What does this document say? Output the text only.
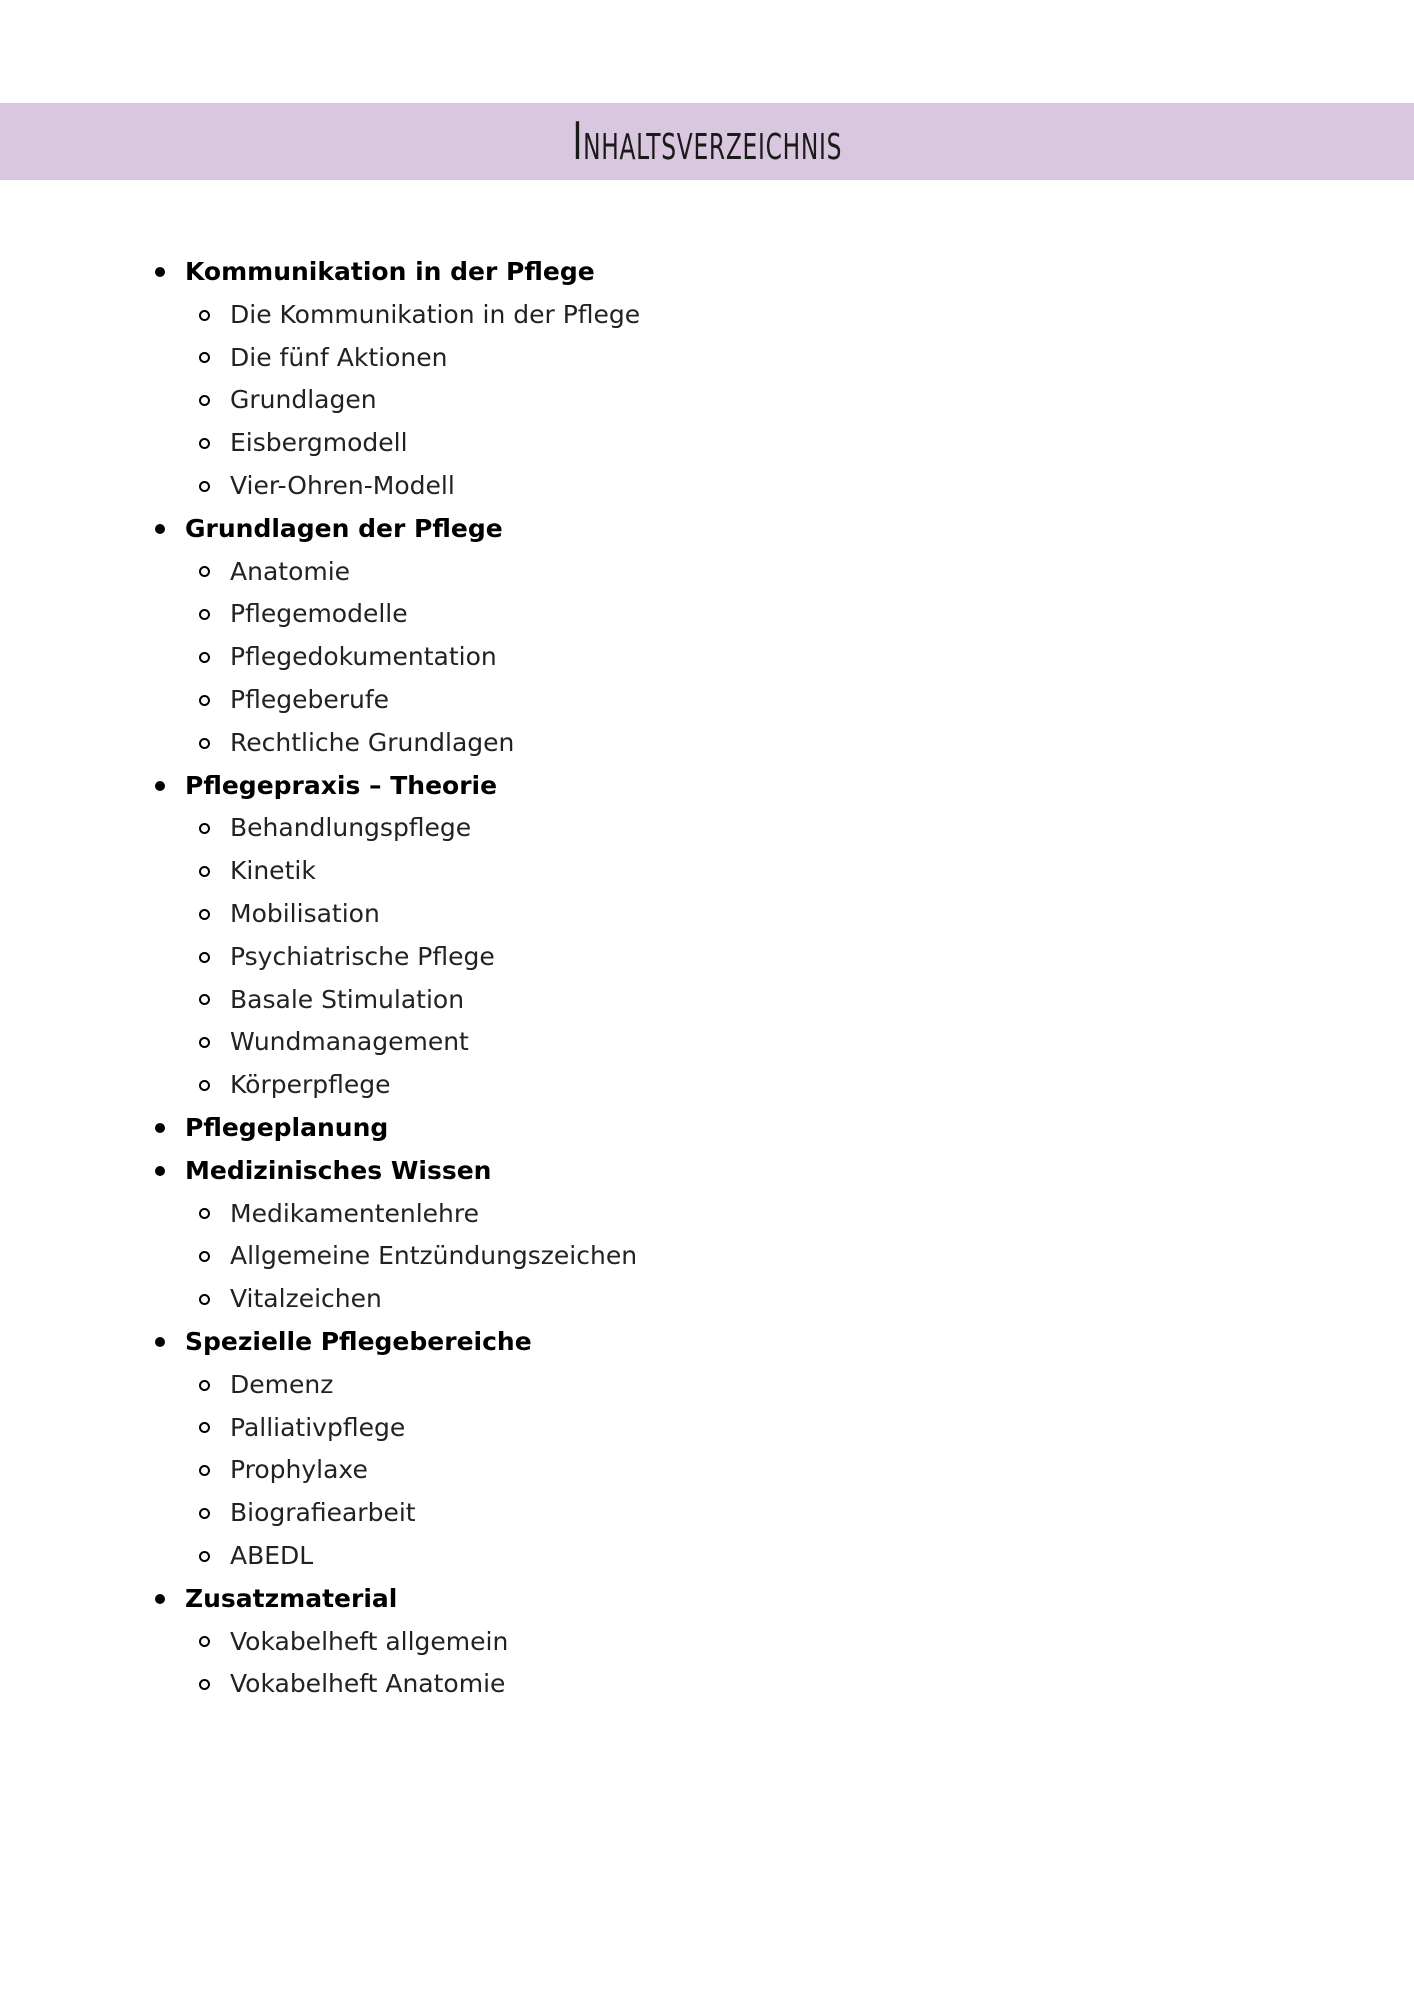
Inhaltsverzeichnis
Kommunikation in der Pflege
Die Kommunikation in der Pflege
Die fünf Aktionen
Grundlagen
Eisbergmodell
Vier-Ohren-Modell
Grundlagen der Pflege
Anatomie
Pflegemodelle
Pflegedokumentation
Pflegeberufe
Rechtliche Grundlagen
Pflegepraxis – Theorie
Behandlungspflege
Kinetik
Mobilisation
Psychiatrische Pflege
Basale Stimulation
Wundmanagement
Körperpflege
Pflegeplanung
Medizinisches Wissen
Medikamentenlehre
Allgemeine Entzündungszeichen
Vitalzeichen
Spezielle Pflegebereiche
Demenz
Palliativpflege
Prophylaxe
Biografiearbeit
ABEDL
Zusatzmaterial
Vokabelheft allgemein
Vokabelheft Anatomie
